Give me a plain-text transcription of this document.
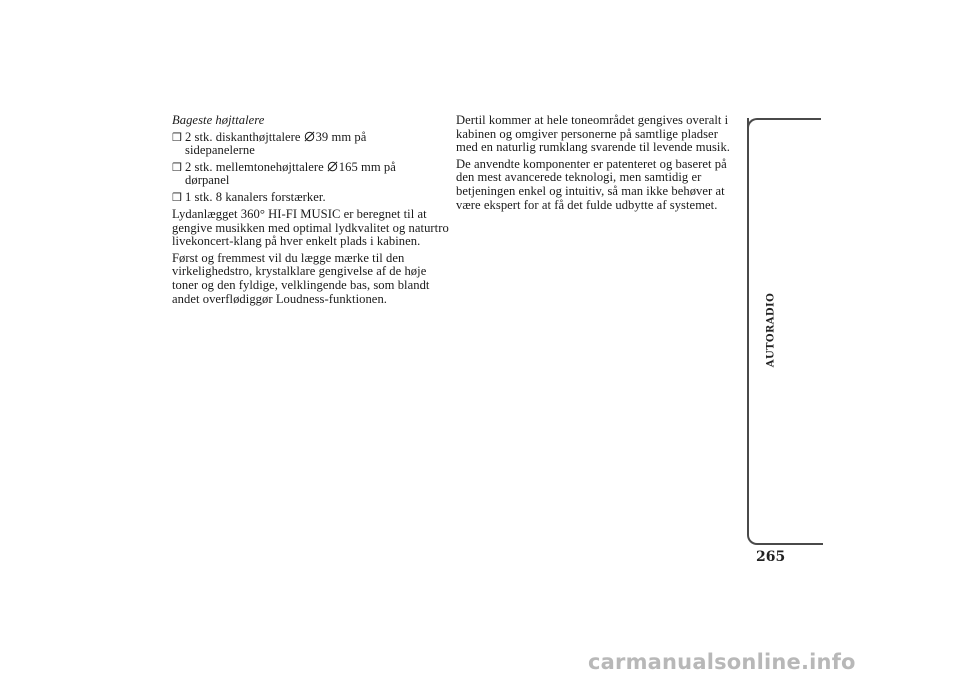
Bageste højttalere

❒ 2 stk. diskanthøjttalere 39 mm på
sidepanelerne
❒ 2 stk. mellemtonehøjttalere 165 mm på
dørpanel
❒ 1 stk. 8 kanalers forstærker.

Lydanlægget 360° HI-FI MUSIC er beregnet til at gengive musikken med optimal lydkvalitet og naturtro livekoncert-klang på hver enkelt plads i kabinen.

Først og fremmest vil du lægge mærke til den virkelighedstro, krystalklare gengivelse af de høje toner og den fyldige, velklingende bas, som blandt andet overflødiggør Loudness-funktionen.

Dertil kommer at hele toneområdet gengives overalt i kabinen og omgiver personerne på samtlige pladser med en naturlig rumklang svarende til levende musik.

De anvendte komponenter er patenteret og baseret på den mest avancerede teknologi, men samtidig er betjeningen enkel og intuitiv, så man ikke behøver at være ekspert for at få det fulde udbytte af systemet.

AUTORADIO
265
carmanualsonline.info
